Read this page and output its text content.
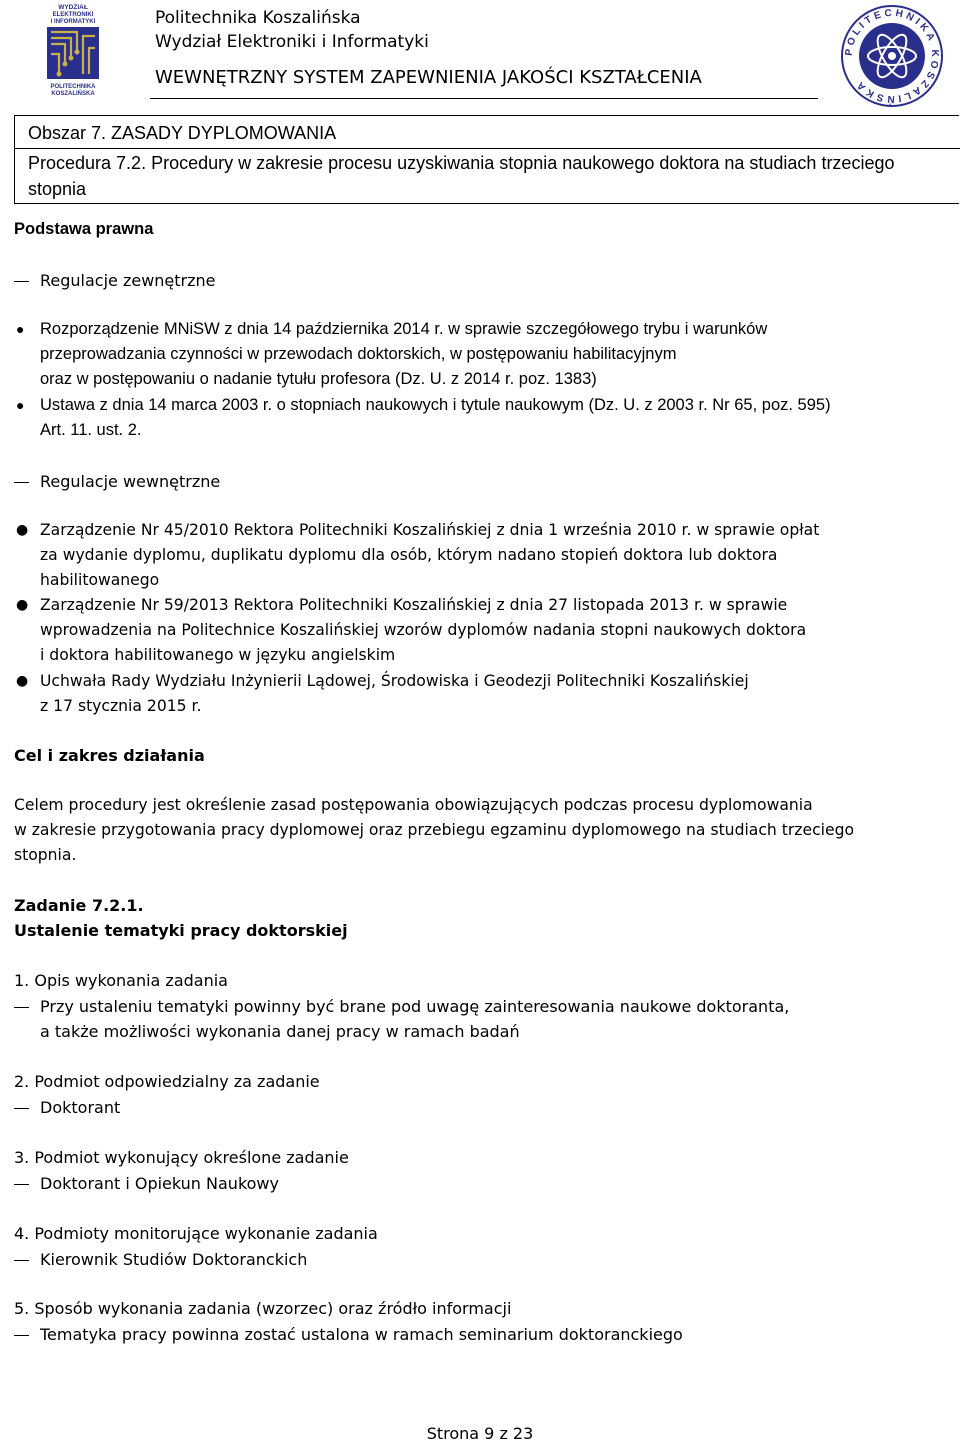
WYDZIAŁ
ELEKTRONIKI
I INFORMATYKI
POLITECHNIKA
KOSZALIŃSKA
Politechnika Koszalińska
Wydział Elektroniki i Informatyki
WEWNĘTRZNY SYSTEM ZAPEWNIENIA JAKOŚCI KSZTAŁCENIA
POLITECHNIKA KOSZALIŃSKA
Obszar 7. ZASADY DYPLOMOWANIA
Procedura 7.2. Procedury w zakresie procesu uzyskiwania stopnia naukowego doktora na studiach trzeciego stopnia
Podstawa prawna
Regulacje zewnętrzne
● Rozporządzenie MNiSW z dnia 14 października 2014 r. w sprawie szczegółowego trybu i warunków
przeprowadzania czynności w przewodach doktorskich, w postępowaniu habilitacyjnym
oraz w postępowaniu o nadanie tytułu profesora (Dz. U. z 2014 r. poz. 1383)
● Ustawa z dnia 14 marca 2003 r. o stopniach naukowych i tytule naukowym (Dz. U. z 2003 r. Nr 65, poz. 595)
Art. 11. ust. 2.
Regulacje wewnętrzne
● Zarządzenie Nr 45/2010 Rektora Politechniki Koszalińskiej z dnia 1 września 2010 r. w sprawie opłat
za wydanie dyplomu, duplikatu dyplomu dla osób, którym nadano stopień doktora lub doktora
habilitowanego
● Zarządzenie Nr 59/2013 Rektora Politechniki Koszalińskiej z dnia 27 listopada 2013 r. w sprawie
wprowadzenia na Politechnice Koszalińskiej wzorów dyplomów nadania stopni naukowych doktora
i doktora habilitowanego w języku angielskim
● Uchwała Rady Wydziału Inżynierii Lądowej, Środowiska i Geodezji Politechniki Koszalińskiej
z 17 stycznia 2015 r.
Cel i zakres działania
Celem procedury jest określenie zasad postępowania obowiązujących podczas procesu dyplomowania
w zakresie przygotowania pracy dyplomowej oraz przebiegu egzaminu dyplomowego na studiach trzeciego
stopnia.
Zadanie 7.2.1.
Ustalenie tematyki pracy doktorskiej
1. Opis wykonania zadania
Przy ustaleniu tematyki powinny być brane pod uwagę zainteresowania naukowe doktoranta,
a także możliwości wykonania danej pracy w ramach badań
2. Podmiot odpowiedzialny za zadanie
Doktorant
3. Podmiot wykonujący określone zadanie
Doktorant i Opiekun Naukowy
4. Podmioty monitorujące wykonanie zadania
Kierownik Studiów Doktoranckich
5. Sposób wykonania zadania (wzorzec) oraz źródło informacji
Tematyka pracy powinna zostać ustalona w ramach seminarium doktoranckiego
Strona 9 z 23
